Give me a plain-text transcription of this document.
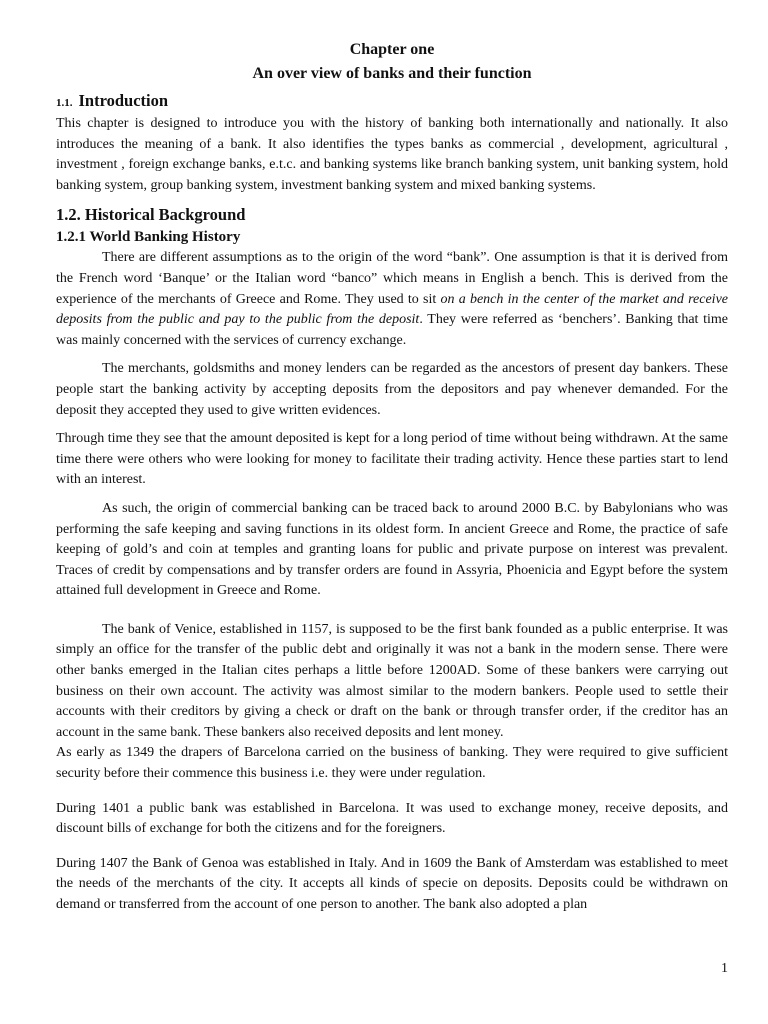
Chapter one

An over view of banks and their function

1.1. Introduction

This chapter is designed to introduce you with the history of banking both internationally and nationally. It also introduces the meaning of a bank. It also identifies the types banks as commercial , development, agricultural , investment , foreign exchange banks, e.t.c. and banking systems like branch banking system, unit banking system, hold banking system, group banking system, investment banking system and mixed banking systems.

1.2. Historical Background
1.2.1 World Banking History

There are different assumptions as to the origin of the word “bank”. One assumption is that it is derived from the French word ‘Banque’ or the Italian word “banco” which means in English a bench. This is derived from the experience of the merchants of Greece and Rome. They used to sit on a bench in the center of the market and receive deposits from the public and pay to the public from the deposit. They were referred as ‘benchers’. Banking that time was mainly concerned with the services of currency exchange.

The merchants, goldsmiths and money lenders can be regarded as the ancestors of present day bankers. These people start the banking activity by accepting deposits from the depositors and pay whenever demanded. For the deposit they accepted they used to give written evidences.

Through time they see that the amount deposited is kept for a long period of time without being withdrawn. At the same time there were others who were looking for money to facilitate their trading activity. Hence these parties start to lend with an interest.

As such, the origin of commercial banking can be traced back to around 2000 B.C. by Babylonians who was performing the safe keeping and saving functions in its oldest form. In ancient Greece and Rome, the practice of safe keeping of gold’s and coin at temples and granting loans for public and private purpose on interest was prevalent. Traces of credit by compensations and by transfer orders are found in Assyria, Phoenicia and Egypt before the system attained full development in Greece and Rome.

The bank of Venice, established in 1157, is supposed to be the first bank founded as a public enterprise. It was simply an office for the transfer of the public debt and originally it was not a bank in the modern sense. There were other banks emerged in the Italian cites perhaps a little before 1200AD. Some of these bankers were carrying out business on their own account. The activity was almost similar to the modern bankers. People used to settle their accounts with their creditors by giving a check or draft on the bank or through transfer order, if the creditor has an account in the same bank. These bankers also received deposits and lent money.

As early as 1349 the drapers of Barcelona carried on the business of banking. They were required to give sufficient security before their commence this business i.e. they were under regulation.

During 1401 a public bank was established in Barcelona. It was used to exchange money, receive deposits, and discount bills of exchange for both the citizens and for the foreigners.

During 1407 the Bank of Genoa was established in Italy. And in 1609 the Bank of Amsterdam was established to meet the needs of the merchants of the city. It accepts all kinds of specie on deposits. Deposits could be withdrawn on demand or transferred from the account of one person to another. The bank also adopted a plan

1
